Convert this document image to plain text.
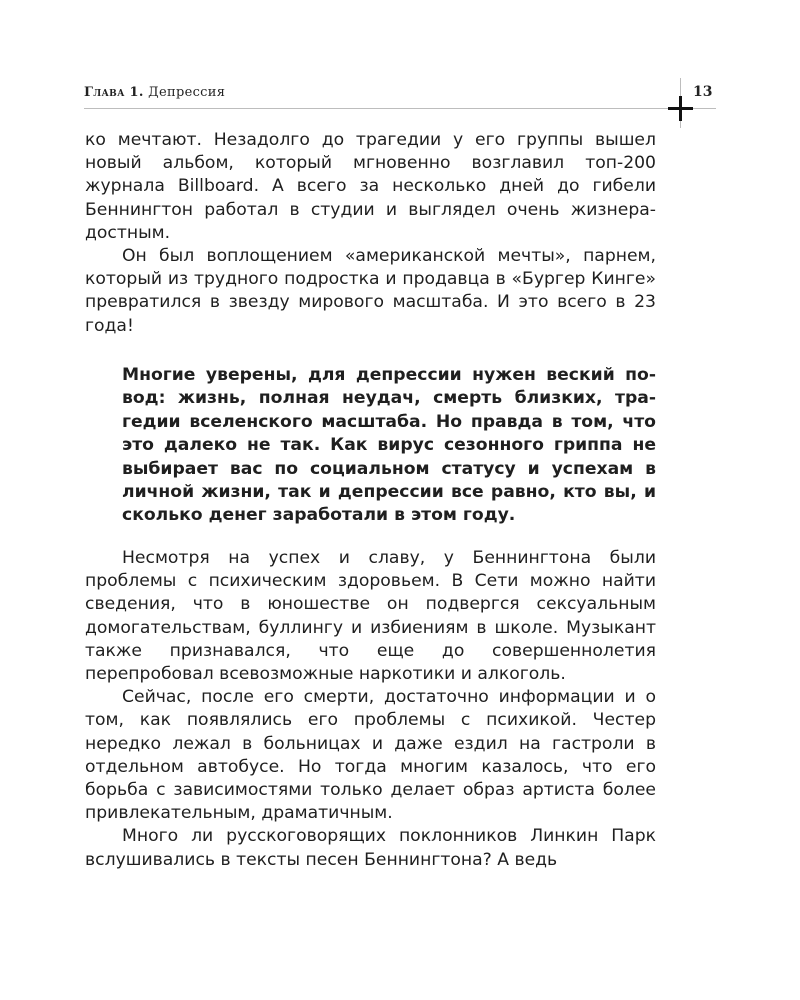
Глава 1. Депрессия	13

ко мечтают. Незадолго до трагедии у его группы вышел новый альбом, который мгновенно возглавил топ-200 журнала Billboard. А всего за несколько дней до гибели Беннингтон работал в студии и выглядел очень жизнерадостным.

Он был воплощением «американской мечты», парнем, который из трудного подростка и продавца в «Бургер Кинге» превратился в звезду мирового масштаба. И это всего в 23 года!

Многие уверены, для депрессии нужен веский повод: жизнь, полная неудач, смерть близких, трагедии вселенского масштаба. Но правда в том, что это далеко не так. Как вирус сезонного гриппа не выбирает вас по социальном статусу и успехам в личной жизни, так и депрессии все равно, кто вы, и сколько денег заработали в этом году.

Несмотря на успех и славу, у Беннингтона были проблемы с психическим здоровьем. В Сети можно найти сведения, что в юношестве он подвергся сексуальным домогательствам, буллингу и избиениям в школе. Музыкант также признавался, что еще до совершеннолетия перепробовал всевозможные наркотики и алкоголь.

Сейчас, после его смерти, достаточно информации и о том, как появлялись его проблемы с психикой. Честер нередко лежал в больницах и даже ездил на гастроли в отдельном автобусе. Но тогда многим казалось, что его борьба с зависимостями только делает образ артиста более привлекательным, драматичным.

Много ли русскоговорящих поклонников Линкин Парк вслушивались в тексты песен Беннингтона? А ведь
